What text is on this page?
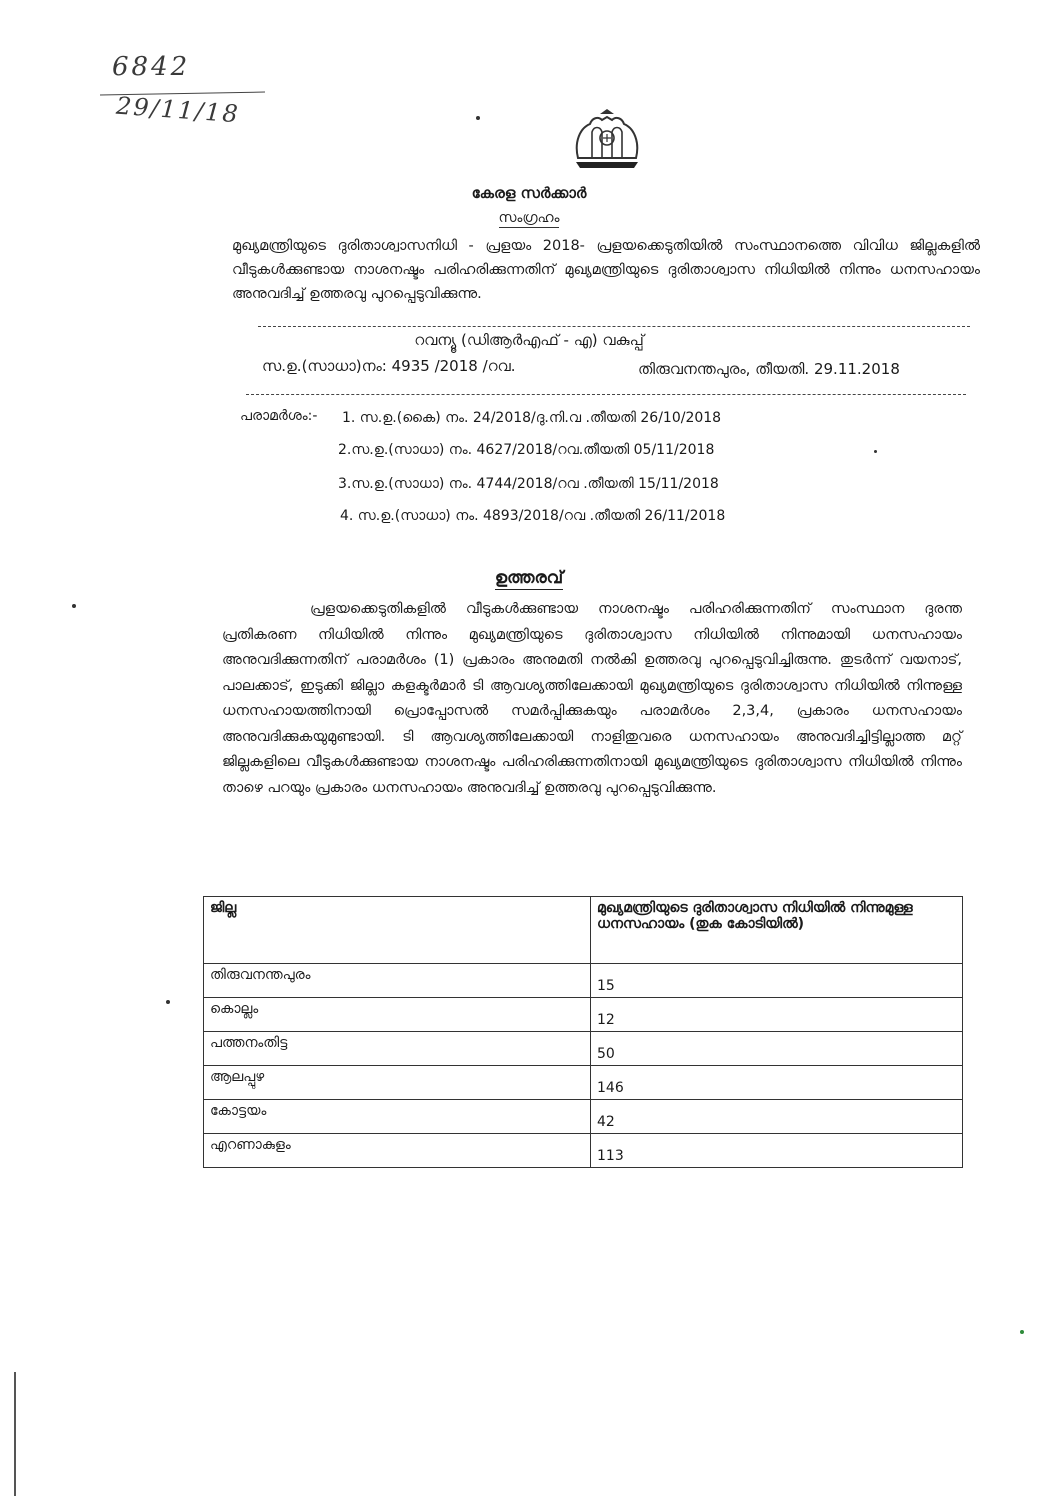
6842
29/11/18
കേരള സർക്കാർ
സംഗ്രഹം
മുഖ്യമന്ത്രിയുടെ ദുരിതാശ്വാസനിധി - പ്രളയം 2018- പ്രളയക്കെടുതിയിൽ സംസ്ഥാനത്തെ വിവിധ ജില്ലകളിൽ വീടുകൾക്കുണ്ടായ നാശനഷ്ടം പരിഹരിക്കുന്നതിന് മുഖ്യമന്ത്രിയുടെ ദുരിതാശ്വാസ നിധിയിൽ നിന്നും ധനസഹായം അനുവദിച്ച് ഉത്തരവു പുറപ്പെടുവിക്കുന്നു.
റവന്യൂ (ഡിആർഎഫ് - എ) വകുപ്പ്
സ.ഉ.(സാധാ)നം: 4935 /2018 /റവ.	തിരുവനന്തപുരം, തീയതി. 29.11.2018
പരാമർശം:- 1. സ.ഉ.(കൈ) നം. 24/2018/ദു.നി.വ .തീയതി 26/10/2018
2.സ.ഉ.(സാധാ) നം. 4627/2018/റവ.തീയതി 05/11/2018
3.സ.ഉ.(സാധാ) നം. 4744/2018/റവ .തീയതി 15/11/2018
4. സ.ഉ.(സാധാ) നം. 4893/2018/റവ .തീയതി 26/11/2018
ഉത്തരവ്
പ്രളയക്കെടുതികളിൽ വീടുകൾക്കുണ്ടായ നാശനഷ്ടം പരിഹരിക്കുന്നതിന് സംസ്ഥാന ദുരന്ത പ്രതികരണ നിധിയിൽ നിന്നും മുഖ്യമന്ത്രിയുടെ ദുരിതാശ്വാസ നിധിയിൽ നിന്നുമായി ധനസഹായം അനുവദിക്കുന്നതിന് പരാമർശം (1) പ്രകാരം അനുമതി നൽകി ഉത്തരവു പുറപ്പെടുവിച്ചിരുന്നു. തുടർന്ന് വയനാട്, പാലക്കാട്, ഇടുക്കി ജില്ലാ കളക്ടർമാർ ടി ആവശ്യത്തിലേക്കായി മുഖ്യമന്ത്രിയുടെ ദുരിതാശ്വാസ നിധിയിൽ നിന്നുള്ള ധനസഹായത്തിനായി പ്രൊപ്പോസൽ സമർപ്പിക്കുകയും പരാമർശം 2,3,4, പ്രകാരം ധനസഹായം അനുവദിക്കുകയുമുണ്ടായി. ടി ആവശ്യത്തിലേക്കായി നാളിതുവരെ ധനസഹായം അനുവദിച്ചിട്ടില്ലാത്ത മറ്റ് ജില്ലകളിലെ വീടുകൾക്കുണ്ടായ നാശനഷ്ടം പരിഹരിക്കുന്നതിനായി മുഖ്യമന്ത്രിയുടെ ദുരിതാശ്വാസ നിധിയിൽ നിന്നും താഴെ പറയും പ്രകാരം ധനസഹായം അനുവദിച്ച് ഉത്തരവു പുറപ്പെടുവിക്കുന്നു.
ജില്ല	മുഖ്യമന്ത്രിയുടെ ദുരിതാശ്വാസ നിധിയിൽ നിന്നുമുള്ള ധനസഹായം (തുക കോടിയിൽ)
തിരുവനന്തപുരം	15
കൊല്ലം	12
പത്തനംതിട്ട	50
ആലപ്പുഴ	146
കോട്ടയം	42
എറണാകുളം	113
